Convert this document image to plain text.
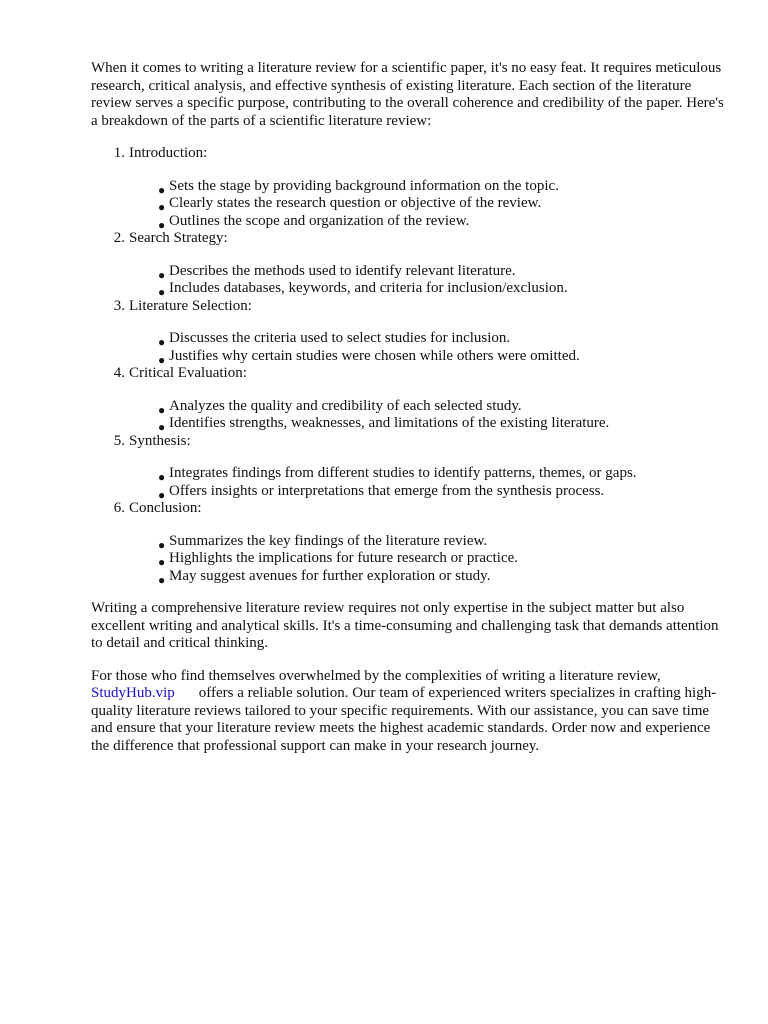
When it comes to writing a literature review for a scientific paper, it's no easy feat. It requires meticulous research, critical analysis, and effective synthesis of existing literature. Each section of the literature review serves a specific purpose, contributing to the overall coherence and credibility of the paper. Here's a breakdown of the parts of a scientific literature review:

1. Introduction:
● Sets the stage by providing background information on the topic.
● Clearly states the research question or objective of the review.
● Outlines the scope and organization of the review.
2. Search Strategy:
● Describes the methods used to identify relevant literature.
● Includes databases, keywords, and criteria for inclusion/exclusion.
3. Literature Selection:
● Discusses the criteria used to select studies for inclusion.
● Justifies why certain studies were chosen while others were omitted.
4. Critical Evaluation:
● Analyzes the quality and credibility of each selected study.
● Identifies strengths, weaknesses, and limitations of the existing literature.
5. Synthesis:
● Integrates findings from different studies to identify patterns, themes, or gaps.
● Offers insights or interpretations that emerge from the synthesis process.
6. Conclusion:
● Summarizes the key findings of the literature review.
● Highlights the implications for future research or practice.
● May suggest avenues for further exploration or study.

Writing a comprehensive literature review requires not only expertise in the subject matter but also excellent writing and analytical skills. It's a time-consuming and challenging task that demands attention to detail and critical thinking.

For those who find themselves overwhelmed by the complexities of writing a literature review, StudyHub.vip offers a reliable solution. Our team of experienced writers specializes in crafting high-quality literature reviews tailored to your specific requirements. With our assistance, you can save time and ensure that your literature review meets the highest academic standards. Order now and experience the difference that professional support can make in your research journey.
